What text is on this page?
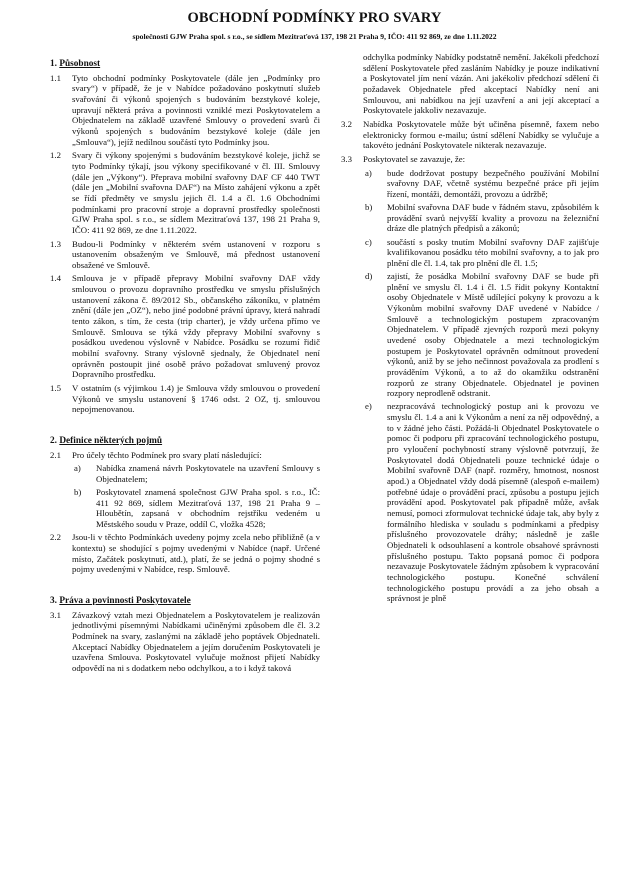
OBCHODNÍ PODMÍNKY PRO SVARY
společnosti GJW Praha spol. s r.o., se sídlem Mezitraťová 137, 198 21 Praha 9, IČO: 411 92 869, ze dne 1.11.2022
1. Působnost
1.1	Tyto obchodní podmínky Poskytovatele (dále jen „Podmínky pro svary“) v případě, že je v Nabídce požadováno poskytnutí služeb svařování či výkonů spojených s budováním bezstykové koleje, upravují některá práva a povinnosti vzniklé mezi Poskytovatelem a Objednatelem na základě uzavřené Smlouvy o provedení svarů či výkonů spojených s budováním bezstykové koleje (dále jen „Smlouva“), jejíž nedílnou součástí tyto Podmínky jsou.
1.2	Svary či výkony spojenými s budováním bezstykové koleje, jichž se tyto Podmínky týkají, jsou výkony specifikované v čl. III. Smlouvy (dále jen „Výkony“). Přeprava mobilní svařovny DAF CF 440 TWT (dále jen „Mobilní svařovna DAF“) na Místo zahájení výkonu a zpět se řídí předměty ve smyslu jejich čl. 1.4 a čl. 1.6 Obchodními podmínkami pro pracovní stroje a dopravní prostředky společnosti GJW Praha spol. s r.o., se sídlem Mezitraťová 137, 198 21 Praha 9, IČO: 411 92 869, ze dne 1.11.2022.
1.3	Budou-li Podmínky v některém svém ustanovení v rozporu s ustanovením obsaženým ve Smlouvě, má přednost ustanovení obsažené ve Smlouvě.
1.4	Smlouva je v případě přepravy Mobilní svařovny DAF vždy smlouvou o provozu dopravního prostředku ve smyslu příslušných ustanovení zákona č. 89/2012 Sb., občanského zákoníku, v platném znění (dále jen „OZ“), nebo jiné podobné právní úpravy, která nahradí tento zákon, s tím, že cesta (trip charter), je vždy určena přímo ve Smlouvě. Smlouva se týká vždy přepravy Mobilní svařovny s posádkou uvedenou výslovně v Nabídce. Posádku se rozumí řidič mobilní svařovny. Strany výslovně sjednaly, že Objednatel není oprávněn postoupit jiné osobě právo požadovat smluvený provoz Dopravního prostředku.
1.5	V ostatním (s výjimkou 1.4) je Smlouva vždy smlouvou o provedení Výkonů ve smyslu ustanovení § 1746 odst. 2 OZ, tj. smlouvou nepojmenovanou.
2. Definice některých pojmů
2.1	Pro účely těchto Podmínek pro svary platí následující:
a)	Nabídka znamená návrh Poskytovatele na uzavření Smlouvy s Objednatelem;
b)	Poskytovatel znamená společnost GJW Praha spol. s r.o., IČ: 411 92 869, sídlem Mezitraťová 137, 198 21 Praha 9 – Hloubětín, zapsaná v obchodním rejstříku vedeném u Městského soudu v Praze, oddíl C, vložka 4528;
2.2	Jsou-li v těchto Podmínkách uvedeny pojmy zcela nebo přibližně (a v kontextu) se shodující s pojmy uvedenými v Nabídce (např. Určené místo, Začátek poskytnutí, atd.), platí, že se jedná o pojmy shodné s pojmy uvedenými v Nabídce, resp. Smlouvě.
3. Práva a povinnosti Poskytovatele
3.1	Závazkový vztah mezi Objednatelem a Poskytovatelem je realizován jednotlivými písemnými Nabídkami učiněnými způsobem dle čl. 3.2 Podmínek na svary, zaslanými na základě jeho poptávek Objednateli. Akceptací Nabídky Objednatelem a jejím doručením Poskytovateli je uzavřena Smlouva. Poskytovatel vylučuje možnost přijetí Nabídky odpovědí na ni s dodatkem nebo odchylkou, a to i když taková
odchylka podmínky Nabídky podstatně nemění. Jakékoli předchozí sdělení Poskytovatele před zasláním Nabídky je pouze indikativní a Poskytovatel jím není vázán. Ani jakékoliv předchozí sdělení či požadavek Objednatele před akceptací Nabídky není ani Smlouvou, ani nabídkou na její uzavření a ani její akceptací a Poskytovatele jakkoliv nezavazuje.
3.2	Nabídka Poskytovatele může být učiněna písemně, faxem nebo elektronicky formou e-mailu; ústní sdělení Nabídky se vylučuje a takovéto jednání Poskytovatele nikterak nezavazuje.
3.3	Poskytovatel se zavazuje, že:
a)	bude dodržovat postupy bezpečného používání Mobilní svařovny DAF, včetně systému bezpečné práce při jejím řízení, montáži, demontáži, provozu a údržbě;
b)	Mobilní svařovna DAF bude v řádném stavu, způsobilém k provádění svarů nejvyšší kvality a provozu na železniční dráze dle platných předpisů a zákonů;
c)	součástí s posky tnutím Mobilní svařovny DAF zajišťuje kvalifikovanou posádku této mobilní svařovny, a to jak pro plnění dle čl. 1.4, tak pro plnění dle čl. 1.5;
d)	zajistí, že posádka Mobilní svařovny DAF se bude při plnění ve smyslu čl. 1.4 i čl. 1.5 řídit pokyny Kontaktní osoby Objednatele v Místě udílející pokyny k provozu a k Výkonům mobilní svařovny DAF uvedené v Nabídce / Smlouvě a technologickým postupem zpracovaným Objednatelem. V případě zjevných rozporů mezi pokyny uvedené osoby Objednatele a mezi technologickým postupem je Poskytovatel oprávněn odmítnout provedení výkonů, aniž by se jeho nečinnost považovala za prodlení s prováděním Výkonů, a to až do okamžiku odstranění rozporů ze strany Objednatele. Objednatel je povinen rozpory neprodleně odstranit.
e)	nezpracovává technologický postup ani k provozu ve smyslu čl. 1.4 a ani k Výkonům a není za něj odpovědný, a to v žádné jeho části. Požádá-li Objednatel Poskytovatele o pomoc či podporu při zpracování technologického postupu, pro vyloučení pochybností strany výslovně potvrzují, že Poskytovatel dodá Objednateli pouze technické údaje o Mobilní svařovně DAF (např. rozměry, hmotnost, nosnost apod.) a Objednatel vždy dodá písemně (alespoň e-mailem) potřebné údaje o provádění prací, způsobu a postupu jejich provádění apod. Poskytovatel pak případně může, avšak nemusí, pomoci zformulovat technické údaje tak, aby byly z formálního hlediska v souladu s podmínkami a předpisy příslušného provozovatele dráhy; následně je zašle Objednateli k odsouhlasení a kontrole obsahové správnosti příslušného postupu. Takto popsaná pomoc či podpora nezavazuje Poskytovatele žádným způsobem k vypracování technologického postupu. Konečné schválení technologického postupu provádí a za jeho obsah a správnost je plně
